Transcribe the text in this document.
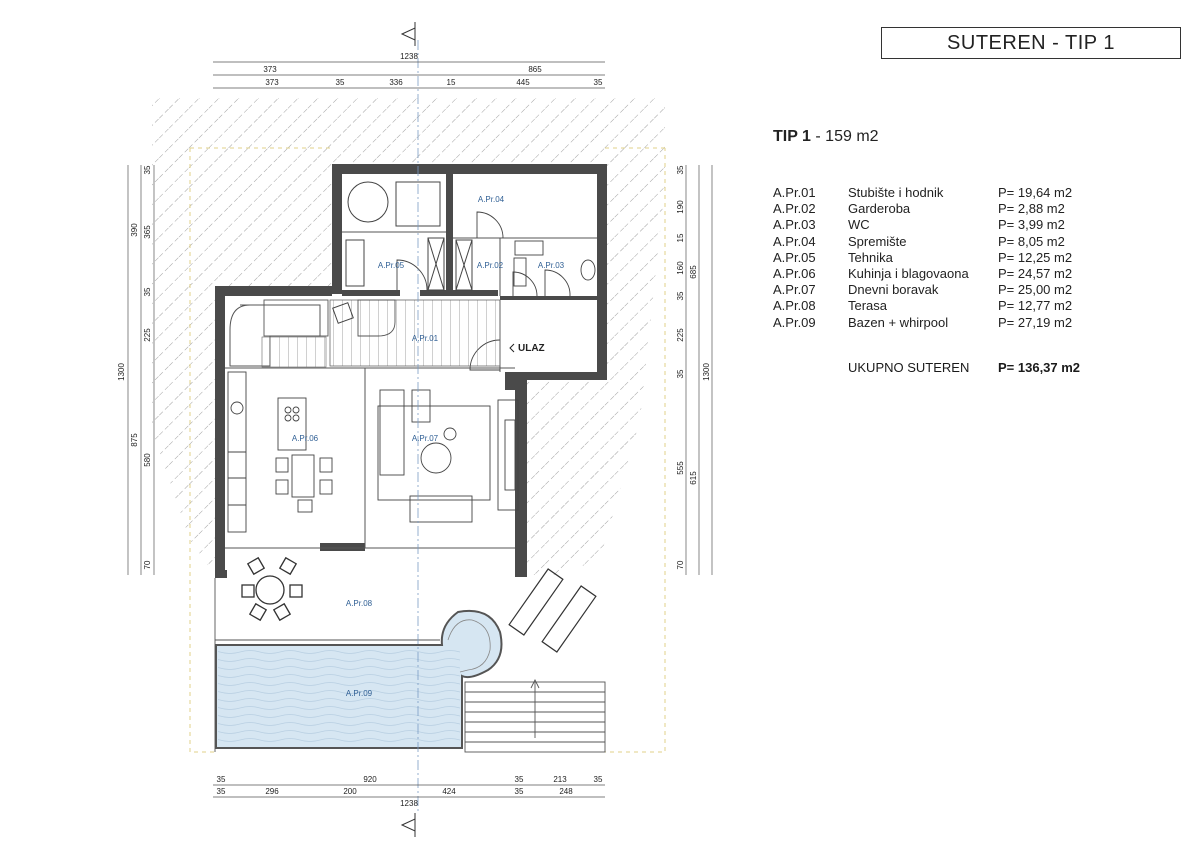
1238
373	865
373	35	336	15	445	35
35	920	35	213	35
35	296	200	424	35	248
1238
1300
390
875
35
365
35
225
580
70
1300
685
615
35
190
15
160
35
225
35
555
70
A.Pr.01
A.Pr.02	A.Pr.03
A.Pr.04
A.Pr.05
A.Pr.06	A.Pr.07
A.Pr.08
A.Pr.09
ULAZ
SUTEREN - TIP 1
TIP 1 - 159 m2
A.Pr.01	Stubište i hodnik	P= 19,64 m2
A.Pr.02	Garderoba	P= 2,88 m2
A.Pr.03	WC	P= 3,99 m2
A.Pr.04	Spremište	P= 8,05 m2
A.Pr.05	Tehnika	P= 12,25 m2
A.Pr.06	Kuhinja i blagovaona	P= 24,57 m2
A.Pr.07	Dnevni boravak	P= 25,00 m2
A.Pr.08	Terasa	P= 12,77 m2
A.Pr.09	Bazen + whirpool	P= 27,19 m2
UKUPNO SUTEREN	P= 136,37 m2
